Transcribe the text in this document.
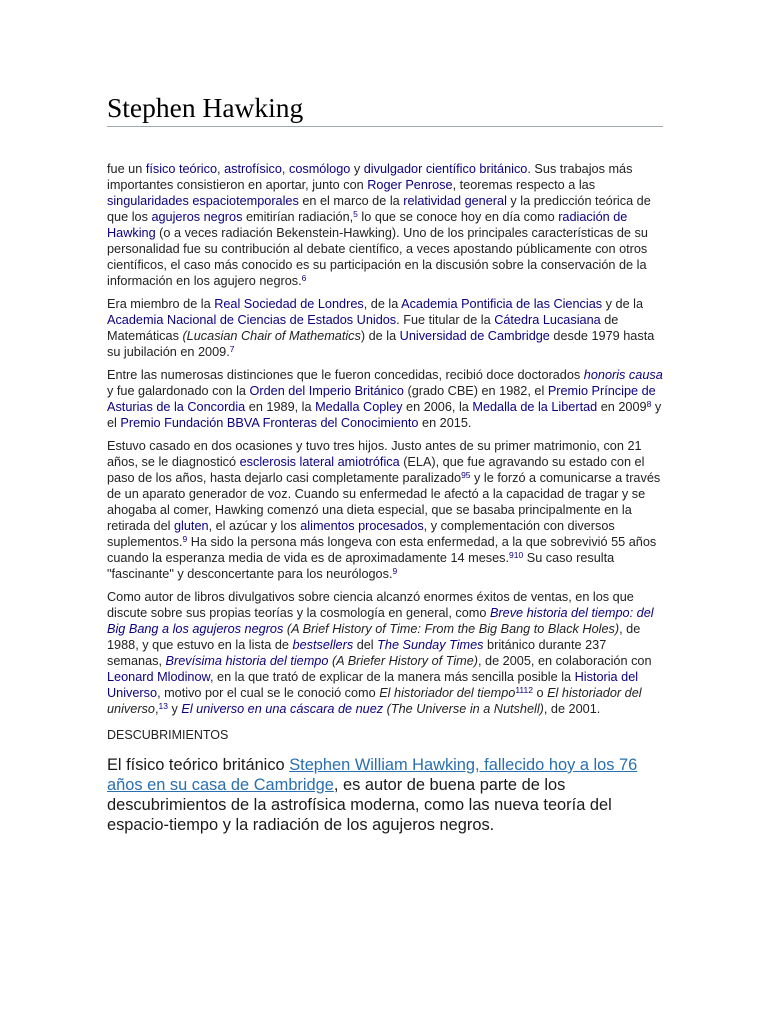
Stephen Hawking

fue un físico teórico, astrofísico, cosmólogo y divulgador científico británico. Sus trabajos más importantes consistieron en aportar, junto con Roger Penrose, teoremas respecto a las singularidades espaciotemporales en el marco de la relatividad general y la predicción teórica de que los agujeros negros emitirían radiación,$^5$ lo que se conoce hoy en día como radiación de Hawking (o a veces radiación Bekenstein-Hawking). Uno de los principales características de su personalidad fue su contribución al debate científico, a veces apostando públicamente con otros científicos, el caso más conocido es su participación en la discusión sobre la conservación de la información en los agujero negros.$^6$

Era miembro de la Real Sociedad de Londres, de la Academia Pontificia de las Ciencias y de la Academia Nacional de Ciencias de Estados Unidos. Fue titular de la Cátedra Lucasiana de Matemáticas (Lucasian Chair of Mathematics) de la Universidad de Cambridge desde 1979 hasta su jubilación en 2009.$^7$

Entre las numerosas distinciones que le fueron concedidas, recibió doce doctorados honoris causa y fue galardonado con la Orden del Imperio Británico (grado CBE) en 1982, el Premio Príncipe de Asturias de la Concordia en 1989, la Medalla Copley en 2006, la Medalla de la Libertad en 2009$^8$ y el Premio Fundación BBVA Fronteras del Conocimiento en 2015.

Estuvo casado en dos ocasiones y tuvo tres hijos. Justo antes de su primer matrimonio, con 21 años, se le diagnosticó esclerosis lateral amiotrófica (ELA), que fue agravando su estado con el paso de los años, hasta dejarlo casi completamente paralizado$^{95}$ y le forzó a comunicarse a través de un aparato generador de voz. Cuando su enfermedad le afectó a la capacidad de tragar y se ahogaba al comer, Hawking comenzó una dieta especial, que se basaba principalmente en la retirada del gluten, el azúcar y los alimentos procesados, y complementación con diversos suplementos.$^9$ Ha sido la persona más longeva con esta enfermedad, a la que sobrevivió 55 años cuando la esperanza media de vida es de aproximadamente 14 meses.$^{910}$ Su caso resulta "fascinante" y desconcertante para los neurólogos.$^9$

Como autor de libros divulgativos sobre ciencia alcanzó enormes éxitos de ventas, en los que discute sobre sus propias teorías y la cosmología en general, como Breve historia del tiempo: del Big Bang a los agujeros negros (A Brief History of Time: From the Big Bang to Black Holes), de 1988, y que estuvo en la lista de bestsellers del The Sunday Times británico durante 237 semanas, Brevísima historia del tiempo (A Briefer History of Time), de 2005, en colaboración con Leonard Mlodinow, en la que trató de explicar de la manera más sencilla posible la Historia del Universo, motivo por el cual se le conoció como El historiador del tiempo$^{1112}$ o El historiador del universo,$^{13}$ y El universo en una cáscara de nuez (The Universe in a Nutshell), de 2001.

DESCUBRIMIENTOS

El físico teórico británico Stephen William Hawking, fallecido hoy a los 76 años en su casa de Cambridge, es autor de buena parte de los descubrimientos de la astrofísica moderna, como las nueva teoría del espacio-tiempo y la radiación de los agujeros negros.
